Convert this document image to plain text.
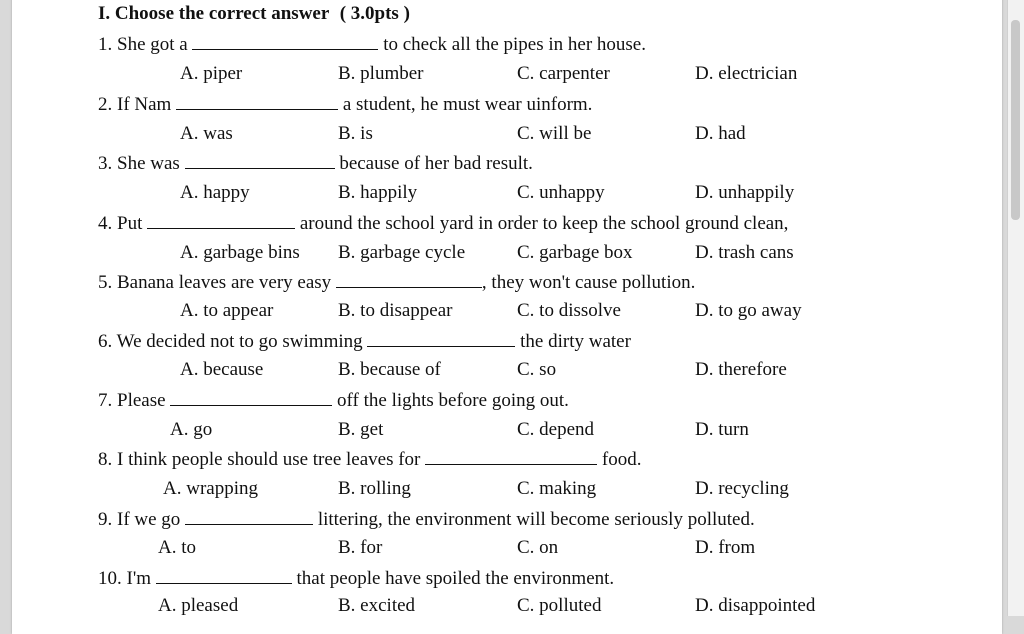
I. Choose the correct answer ( 3.0pts )
1. She got a	to check all the pipes in her house.
A. piper	B. plumber	C. carpenter	D. electrician
2. If Nam	a student, he must wear uinform.
A. was	B. is	C. will be	D. had
3. She was	because of her bad result.
A. happy	B. happily	C. unhappy	D. unhappily
4. Put	around the school yard in order to keep the school ground clean,
A. garbage bins B. garbage cycle	C. garbage box	D. trash cans
5. Banana leaves are very easy	, they won't cause pollution.
A. to appear	B. to disappear	C. to dissolve	D. to go away
6. We decided not to go swimming	the dirty water
A. because	B. because of	C. so	D. therefore
7. Please	off the lights before going out.
A. go	B. get	C. depend	D. turn
8. I think people should use tree leaves for	food.
A. wrapping	B. rolling	C. making	D. recycling
9. If we go	littering, the environment will become seriously polluted.
A. to	B. for	C. on	D. from
10. I'm	that people have spoiled the environment.
A. pleased	B. excited	C. polluted	D. disappointed
